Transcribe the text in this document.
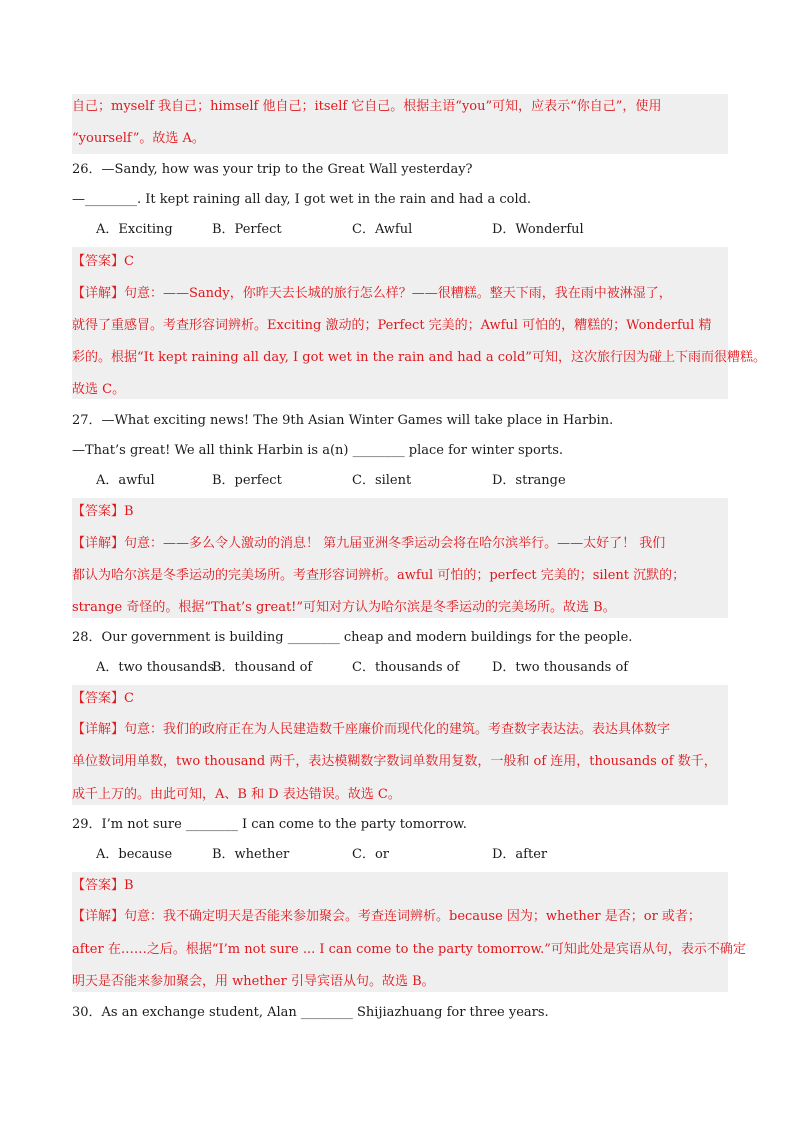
自己；myself 我自己；himself 他自己；itself 它自己。根据主语“you”可知，应表示“你自己”，使用
“yourself”。故选 A。
26．—Sandy, how was your trip to the Great Wall yesterday?
—________. It kept raining all day, I got wet in the rain and had a cold.
A．Exciting	B．Perfect	C．Awful	D．Wonderful
【答案】C
【详解】句意：——Sandy，你昨天去长城的旅行怎么样？——很糟糕。整天下雨，我在雨中被淋湿了，
就得了重感冒。考查形容词辨析。Exciting 激动的；Perfect 完美的；Awful 可怕的，糟糕的；Wonderful 精
彩的。根据“It kept raining all day, I got wet in the rain and had a cold”可知，这次旅行因为碰上下雨而很糟糕。
故选 C。
27．—What exciting news! The 9th Asian Winter Games will take place in Harbin.
—That’s great! We all think Harbin is a(n) ________ place for winter sports.
A．awful	B．perfect	C．silent	D．strange
【答案】B
【详解】句意：——多么令人激动的消息！ 第九届亚洲冬季运动会将在哈尔滨举行。——太好了！ 我们
都认为哈尔滨是冬季运动的完美场所。考查形容词辨析。awful 可怕的；perfect 完美的；silent 沉默的；
strange 奇怪的。根据“That’s great!”可知对方认为哈尔滨是冬季运动的完美场所。故选 B。
28．Our government is building ________ cheap and modern buildings for the people.
A．two thousands
B．thousand of	C．thousands of	D．two thousands of
【答案】C
【详解】句意：我们的政府正在为人民建造数千座廉价而现代化的建筑。考查数字表达法。表达具体数字
单位数词用单数，two thousand 两千，表达模糊数字数词单数用复数，一般和 of 连用，thousands of 数千，
成千上万的。由此可知，A、B 和 D 表达错误。故选 C。
29．I’m not sure ________ I can come to the party tomorrow.
A．because	B．whether	C．or	D．after
【答案】B
【详解】句意：我不确定明天是否能来参加聚会。考查连词辨析。because 因为；whether 是否；or 或者；
after 在……之后。根据“I’m not sure ... I can come to the party tomorrow.”可知此处是宾语从句，表示不确定
明天是否能来参加聚会，用 whether 引导宾语从句。故选 B。
30．As an exchange student, Alan ________ Shijiazhuang for three years.
